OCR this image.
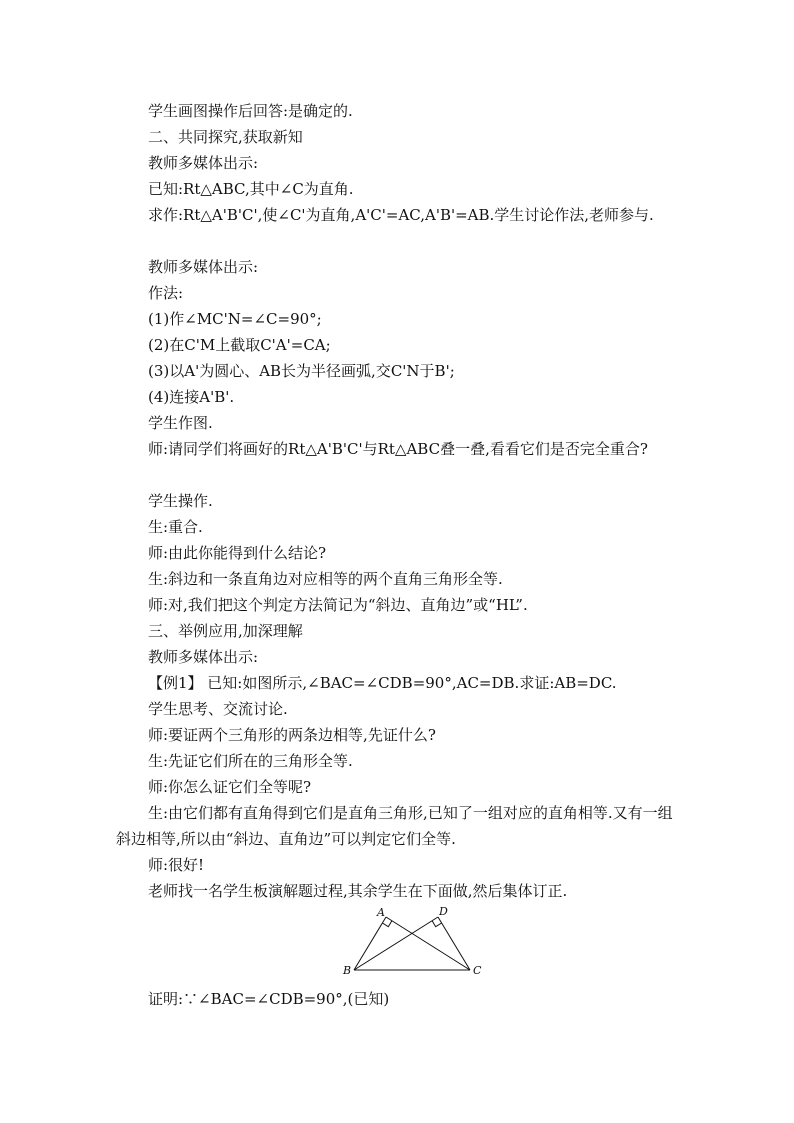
学生画图操作后回答:是确定的.
二、共同探究,获取新知
教师多媒体出示:
已知:Rt△ABC,其中∠C为直角.
求作:Rt△A'B'C',使∠C'为直角,A'C'=AC,A'B'=AB.学生讨论作法,老师参与.
教师多媒体出示:
作法:
(1)作∠MC'N=∠C=90°;
(2)在C'M上截取C'A'=CA;
(3)以A'为圆心、AB长为半径画弧,交C'N于B';
(4)连接A'B'.
学生作图.
师:请同学们将画好的Rt△A'B'C'与Rt△ABC叠一叠,看看它们是否完全重合?
学生操作.
生:重合.
师:由此你能得到什么结论?
生:斜边和一条直角边对应相等的两个直角三角形全等.
师:对,我们把这个判定方法简记为“斜边、直角边”或“HL”.
三、举例应用,加深理解
教师多媒体出示:
【例1】 已知:如图所示,∠BAC=∠CDB=90°,AC=DB.求证:AB=DC.
学生思考、交流讨论.
师:要证两个三角形的两条边相等,先证什么?
生:先证它们所在的三角形全等.
师:你怎么证它们全等呢?
生:由它们都有直角得到它们是直角三角形,已知了一组对应的直角相等.又有一组斜边相等,所以由“斜边、直角边”可以判定它们全等.
师:很好!
老师找一名学生板演解题过程,其余学生在下面做,然后集体订正.
A	D
B	C
证明:∵∠BAC=∠CDB=90°,(已知)
